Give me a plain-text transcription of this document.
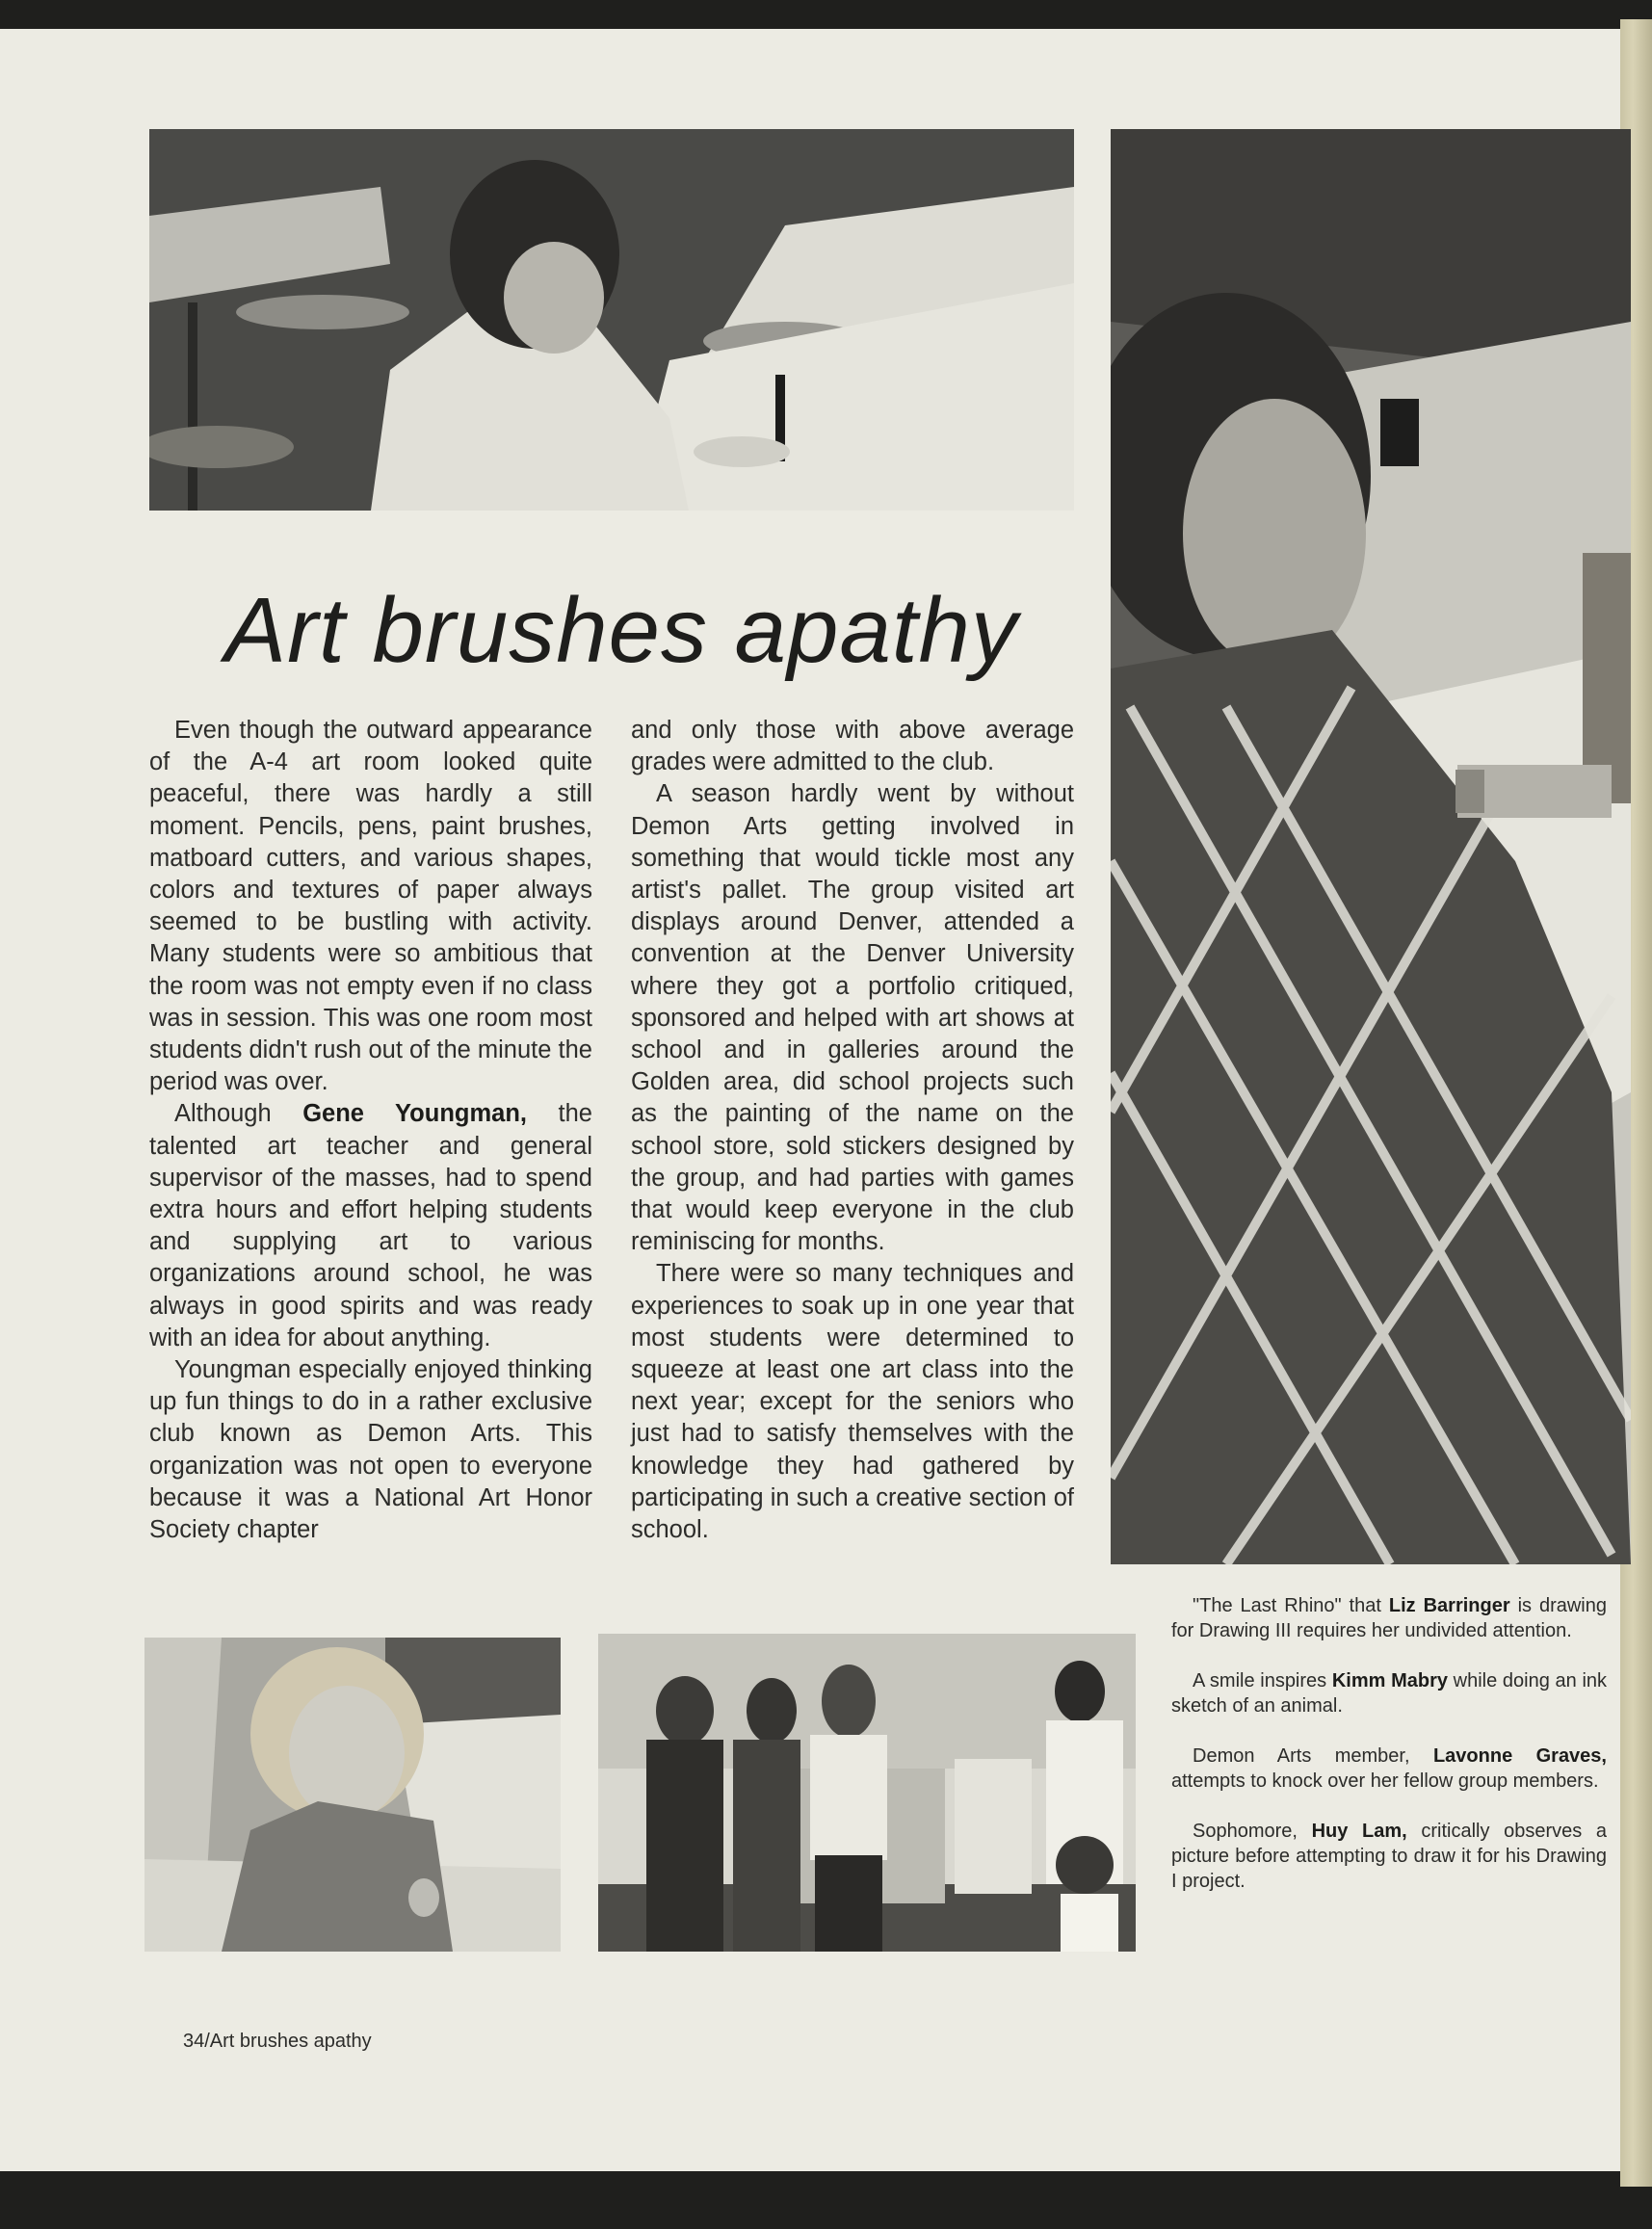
Art brushes apathy

Even though the outward appearance of the A-4 art room looked quite peaceful, there was hardly a still moment. Pencils, pens, paint brushes, matboard cutters, and various shapes, colors and textures of paper always seemed to be bustling with activity. Many students were so ambitious that the room was not empty even if no class was in session. This was one room most students didn't rush out of the minute the period was over.

Although Gene Youngman, the talented art teacher and general supervisor of the masses, had to spend extra hours and effort helping students and supplying art to various organizations around school, he was always in good spirits and was ready with an idea for about anything.

Youngman especially enjoyed thinking up fun things to do in a rather exclusive club known as Demon Arts. This organization was not open to everyone because it was a National Art Honor Society chapter

and only those with above average grades were admitted to the club.

A season hardly went by without Demon Arts getting involved in something that would tickle most any artist's pallet. The group visited art displays around Denver, attended a convention at the Denver University where they got a portfolio critiqued, sponsored and helped with art shows at school and in galleries around the Golden area, did school projects such as the painting of the name on the school store, sold stickers designed by the group, and had parties with games that would keep everyone in the club reminiscing for months.

There were so many techniques and experiences to soak up in one year that most students were determined to squeeze at least one art class into the next year; except for the seniors who just had to satisfy themselves with the knowledge they had gathered by participating in such a creative section of school.

"The Last Rhino" that Liz Barringer is drawing for Drawing III requires her undivided attention.

A smile inspires Kimm Mabry while doing an ink sketch of an animal.

Demon Arts member, Lavonne Graves, attempts to knock over her fellow group members.

Sophomore, Huy Lam, critically observes a picture before attempting to draw it for his Drawing I project.

34/Art brushes apathy
